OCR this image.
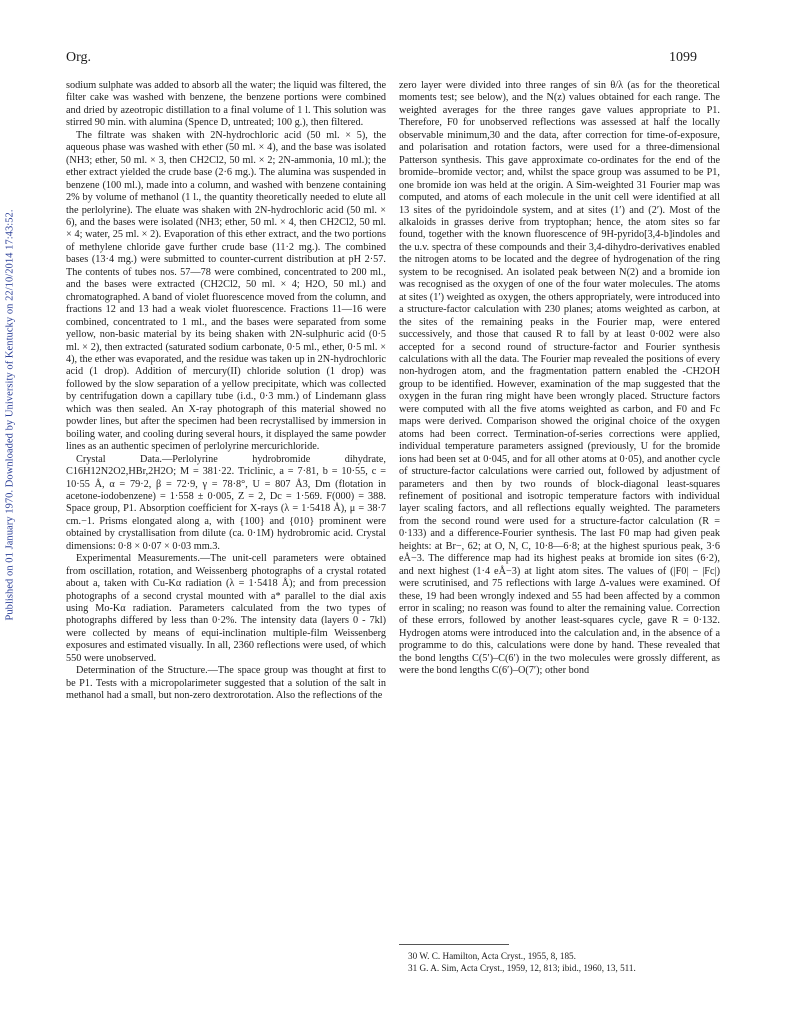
Org.	1099
Published on 01 January 1970. Downloaded by University of Kentucky on 22/10/2014 17:43:52.

sodium sulphate was added to absorb all the water; the liquid was filtered, the filter cake was washed with benzene, the benzene portions were combined and dried by azeotropic distillation to a final volume of 1 l. This solution was stirred 90 min. with alumina (Spence D, untreated; 100 g.), then filtered.

The filtrate was shaken with 2N-hydrochloric acid (50 ml. × 5), the aqueous phase was washed with ether (50 ml. × 4), and the base was isolated (NH3; ether, 50 ml. × 3, then CH2Cl2, 50 ml. × 2; 2N-ammonia, 10 ml.); the ether extract yielded the crude base (2·6 mg.). The alumina was suspended in benzene (100 ml.), made into a column, and washed with benzene containing 2% by volume of methanol (1 l., the quantity theoretically needed to elute all the perlolyrine). The eluate was shaken with 2N-hydrochloric acid (50 ml. × 6), and the bases were isolated (NH3; ether, 50 ml. × 4, then CH2Cl2, 50 ml. × 4; water, 25 ml. × 2). Evaporation of this ether extract, and the two portions of methylene chloride gave further crude base (11·2 mg.). The combined bases (13·4 mg.) were submitted to counter-current distribution at pH 2·57. The contents of tubes nos. 57—78 were combined, concentrated to 200 ml., and the bases were extracted (CH2Cl2, 50 ml. × 4; H2O, 50 ml.) and chromatographed. A band of violet fluorescence moved from the column, and fractions 12 and 13 had a weak violet fluorescence. Fractions 11—16 were combined, concentrated to 1 ml., and the bases were separated from some yellow, non-basic material by its being shaken with 2N-sulphuric acid (0·5 ml. × 2), then extracted (saturated sodium carbonate, 0·5 ml., ether, 0·5 ml. × 4), the ether was evaporated, and the residue was taken up in 2N-hydrochloric acid (1 drop). Addition of mercury(II) chloride solution (1 drop) was followed by the slow separation of a yellow precipitate, which was collected by centrifugation down a capillary tube (i.d., 0·3 mm.) of Lindemann glass which was then sealed. An X-ray photograph of this material showed no powder lines, but after the specimen had been recrystallised by immersion in boiling water, and cooling during several hours, it displayed the same powder lines as an authentic specimen of perlolyrine mercurichloride.

Crystal Data.—Perlolyrine hydrobromide dihydrate, C16H12N2O2,HBr,2H2O; M = 381·22. Triclinic, a = 7·81, b = 10·55, c = 10·55 Å, α = 79·2, β = 72·9, γ = 78·8°, U = 807 Å3, Dm (flotation in acetone-iodobenzene) = 1·558 ± 0·005, Z = 2, Dc = 1·569. F(000) = 388. Space group, P1. Absorption coefficient for X-rays (λ = 1·5418 Å), μ = 38·7 cm.−1. Prisms elongated along a, with {100} and {010} prominent were obtained by crystallisation from dilute (ca. 0·1M) hydrobromic acid. Crystal dimensions: 0·8 × 0·07 × 0·03 mm.3.

Experimental Measurements.—The unit-cell parameters were obtained from oscillation, rotation, and Weissenberg photographs of a crystal rotated about a, taken with Cu-Kα radiation (λ = 1·5418 Å); and from precession photographs of a second crystal mounted with a* parallel to the dial axis using Mo-Kα radiation. Parameters calculated from the two types of photographs differed by less than 0·2%. The intensity data (layers 0 - 7kl) were collected by means of equi-inclination multiple-film Weissenberg exposures and estimated visually. In all, 2360 reflections were used, of which 550 were unobserved.

Determination of the Structure.—The space group was thought at first to be P1. Tests with a micropolarimeter suggested that a solution of the salt in methanol had a small, but non-zero dextrorotation. Also the reflections of the

zero layer were divided into three ranges of sin θ/λ (as for the theoretical moments test; see below), and the N(z) values obtained for each range. The weighted averages for the three ranges gave values appropriate to P1. Therefore, F0 for unobserved reflections was assessed at half the locally observable minimum,30 and the data, after correction for time-of-exposure, and polarisation and rotation factors, were used for a three-dimensional Patterson synthesis. This gave approximate co-ordinates for the end of the bromide–bromide vector; and, whilst the space group was assumed to be P1, one bromide ion was held at the origin. A Sim-weighted 31 Fourier map was computed, and atoms of each molecule in the unit cell were identified at all 13 sites of the pyridoindole system, and at sites (1′) and (2′). Most of the alkaloids in grasses derive from tryptophan; hence, the atom sites so far found, together with the known fluorescence of 9H-pyrido[3,4-b]indoles and the u.v. spectra of these compounds and their 3,4-dihydro-derivatives enabled the nitrogen atoms to be located and the degree of hydrogenation of the ring system to be recognised. An isolated peak between N(2) and a bromide ion was recognised as the oxygen of one of the four water molecules. The atoms at sites (1′) weighted as oxygen, the others appropriately, were introduced into a structure-factor calculation with 230 planes; atoms weighted as carbon, at the sites of the remaining peaks in the Fourier map, were entered successively, and those that caused R to fall by at least 0·002 were also accepted for a second round of structure-factor and Fourier synthesis calculations with all the data. The Fourier map revealed the positions of every non-hydrogen atom, and the fragmentation pattern enabled the -CH2OH group to be identified. However, examination of the map suggested that the oxygen in the furan ring might have been wrongly placed. Structure factors were computed with all the five atoms weighted as carbon, and F0 and Fc maps were derived. Comparison showed the original choice of the oxygen atoms had been correct. Termination-of-series corrections were applied, individual temperature parameters assigned (previously, U for the bromide ions had been set at 0·045, and for all other atoms at 0·05), and another cycle of structure-factor calculations were carried out, followed by adjustment of parameters and then by two rounds of block-diagonal least-squares refinement of positional and isotropic temperature factors with individual layer scaling factors, and all reflections equally weighted. The parameters from the second round were used for a structure-factor calculation (R = 0·133) and a difference-Fourier synthesis. The last F0 map had given peak heights: at Br−, 62; at O, N, C, 10·8—6·8; at the highest spurious peak, 3·6 eÅ−3. The difference map had its highest peaks at bromide ion sites (6·2), and next highest (1·4 eÅ−3) at light atom sites. The values of (|F0| − |Fc|) were scrutinised, and 75 reflections with large Δ-values were examined. Of these, 19 had been wrongly indexed and 55 had been affected by a common error in scaling; no reason was found to alter the remaining value. Correction of these errors, followed by another least-squares cycle, gave R = 0·132. Hydrogen atoms were introduced into the calculation and, in the absence of a programme to do this, calculations were done by hand. These revealed that the bond lengths C(5′)–C(6′) in the two molecules were grossly different, as were the bond lengths C(6′)–O(7′); other bond

30 W. C. Hamilton, Acta Cryst., 1955, 8, 185.
31 G. A. Sim, Acta Cryst., 1959, 12, 813; ibid., 1960, 13, 511.
